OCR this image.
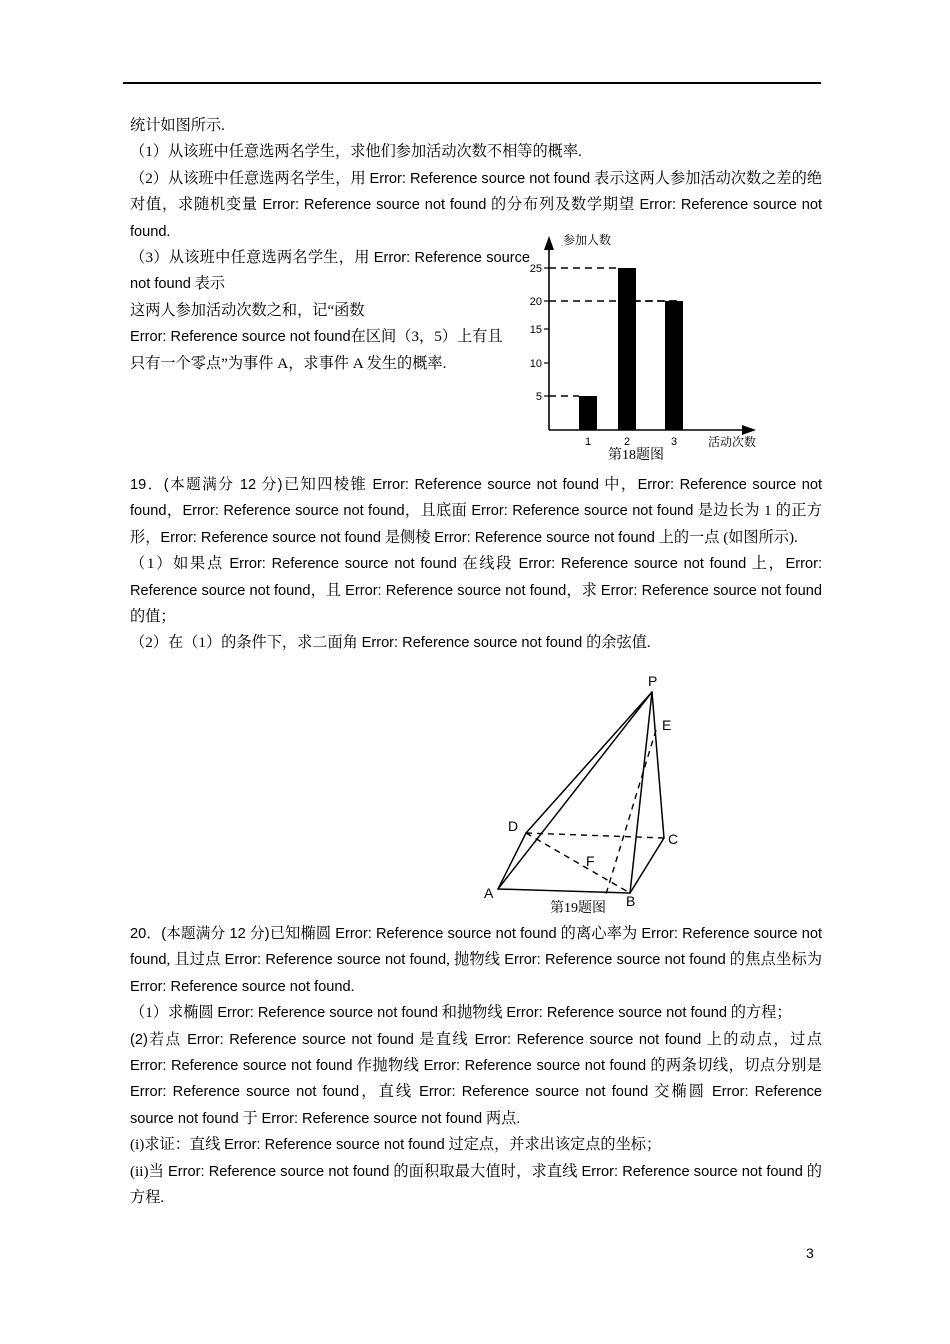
统计如图所示.

（1）从该班中任意选两名学生，求他们参加活动次数不相等的概率.

（2）从该班中任意选两名学生，用 Error: Reference source not found 表示这两人参加活动次数之差的绝对值，求随机变量 Error: Reference source not found 的分布列及数学期望 Error: Reference source not found.

（3）从该班中任意选两名学生，用 Error: Reference source not found 表示

这两人参加活动次数之和，记“函数

Error: Reference source not found在区间（3，5）上有且

只有一个零点”为事件 A，求事件 A 发生的概率.

25
20
15
10
5
1	2	3
参加人数
活动次数
第18题图

19．(本题满分 12 分)已知四棱锥 Error: Reference source not found 中，Error: Reference source not found，Error: Reference source not found，且底面 Error: Reference source not found 是边长为 1 的正方形，Error: Reference source not found 是侧棱 Error: Reference source not found 上的一点 (如图所示).

（1）如果点 Error: Reference source not found 在线段 Error: Reference source not found 上，Error: Reference source not found，且 Error: Reference source not found，求 Error: Reference source not found 的值；

（2）在（1）的条件下，求二面角 Error: Reference source not found 的余弦值.

P
E
D
C
F
A	B
第19题图

20．(本题满分 12 分)已知椭圆 Error: Reference source not found 的离心率为 Error: Reference source not found, 且过点 Error: Reference source not found, 抛物线 Error: Reference source not found 的焦点坐标为 Error: Reference source not found.

（1）求椭圆 Error: Reference source not found 和抛物线 Error: Reference source not found 的方程；

(2)若点 Error: Reference source not found 是直线 Error: Reference source not found 上的动点，过点 Error: Reference source not found 作抛物线 Error: Reference source not found 的两条切线，切点分别是 Error: Reference source not found，直线 Error: Reference source not found 交椭圆 Error: Reference source not found 于 Error: Reference source not found 两点.

(i)求证：直线 Error: Reference source not found 过定点，并求出该定点的坐标；

(ii)当 Error: Reference source not found 的面积取最大值时，求直线 Error: Reference source not found 的方程.

3
